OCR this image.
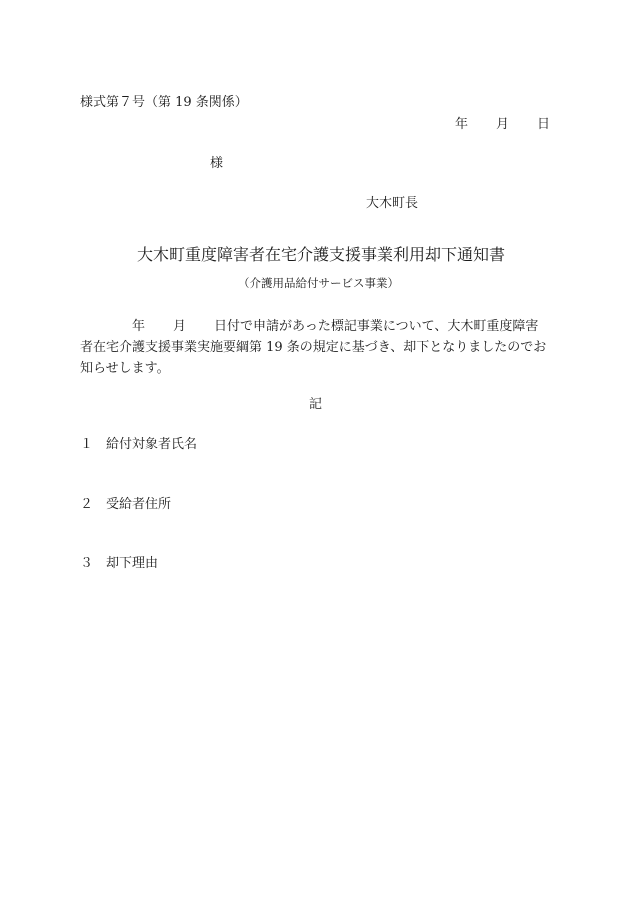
様式第７号（第 19 条関係）
年 月 日
様
大木町長
大木町重度障害者在宅介護支援事業利用却下通知書
（介護用品給付サービス事業）
年 月 日付で申請があった標記事業について、大木町重度障害
者在宅介護支援事業実施要綱第 19 条の規定に基づき、却下となりましたのでお
知らせします。
記
１ 給付対象者氏名
２ 受給者住所
３ 却下理由
